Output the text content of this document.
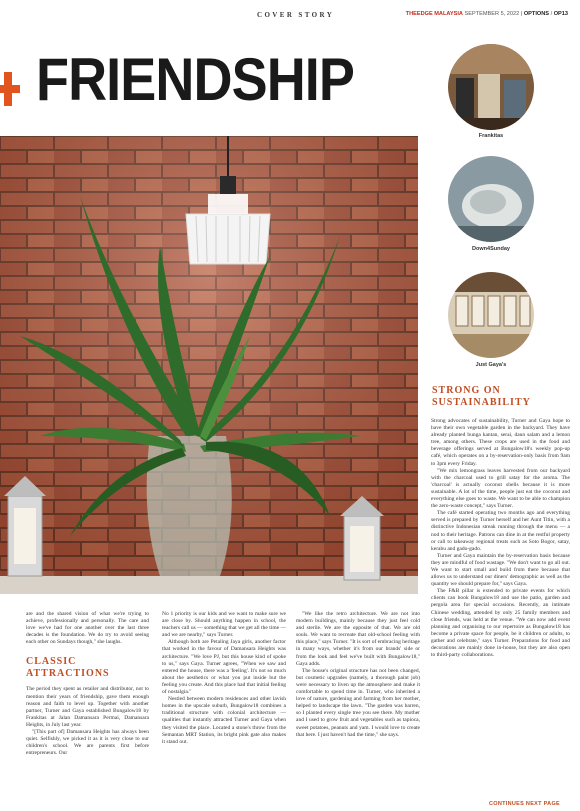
COVER STORY	THEEDGE MALAYSIA SEPTEMBER 5, 2022 | OPTIONS / OP13
FRIENDSHIP
Frankitas
Down4Sunday
Just Gaya's
STRONG ON
SUSTAINABILITY

Strong advocates of sustainability, Turner and Gaya hope to have their own vegetable garden in the backyard. They have already planted bunga kantan, serai, daun salam and a lemon tree, among others. These crops are used in the food and beverage offerings served at Bungalow18's weekly pop-up café, which operates on a by-reservation-only basis from 9am to 3pm every Friday.

"We mix lemongrass leaves harvested from our backyard with the charcoal used to grill satay for the aroma. The 'charcoal' is actually coconut shells because it is more sustainable. A lot of the time, people just eat the coconut and everything else goes to waste. We want to be able to champion the zero-waste concept," says Turner.

The café started operating two months ago and everything served is prepared by Turner herself and her Aunt Titin, with a distinctive Indonesian streak running through the menu — a nod to their heritage. Patrons can dine in at the restful property or call to takeaway regional treats such as Soto Bogor, satay, kerabu and gado-gado.

Turner and Gaya maintain the by-reservation basis because they are mindful of food wastage. "We don't want to go all out. We want to start small and build from there because that allows us to understand our diners' demographic as well as the quantity we should prepare for," says Gaya.

The F&B pillar is extended to private events for which clients can book Bungalow18 and use the patio, garden and pergola area for special occasions. Recently, an intimate Chinese wedding, attended by only 25 family members and close friends, was held at the venue. "We can now add event planning and organising to our repertoire as Bungalow18 has become a private space for people, be it children or adults, to gather and celebrate," says Turner. Preparations for food and decorations are mainly done in-house, but they are also open to third-party collaborations.

are and the shared vision of what we're trying to achieve, professionally and personally. The care and love we've had for one another over the last three decades is the foundation. We do try to avoid seeing each other on Sundays though," she laughs.

CLASSIC ATTRACTIONS

The period they spent as retailer and distributor, not to mention their years of friendship, gave them enough reason and faith to level up. Together with another partner, Turner and Gaya established Bungalow18 by Frankitas at Jalan Damansara Permai, Damansara Heights, in July last year.

"[This part of] Damansara Heights has always been quiet. Selfishly, we picked it as it is very close to our children's school. We are parents first before entrepreneurs. Our

No 1 priority is our kids and we want to make sure we are close by. Should anything happen in school, the teachers call us — something that we get all the time — and we are nearby," says Turner.

Although both are Petaling Jaya girls, another factor that worked in the favour of Damansara Heights was architecture. "We love PJ, but this house kind of spoke to us," says Gaya. Turner agrees, "When we saw and entered the house, there was a 'feeling'. It's not so much about the aesthetics or what you put inside but the feeling you create. And this place had that initial feeling of nostalgia."

Nestled between modern residences and other lavish homes in the upscale suburb, Bungalow18 combines a traditional structure with colonial architecture — qualities that instantly attracted Turner and Gaya when they visited the place. Located a stone's throw from the Semantan MRT Station, its bright pink gate also makes it stand out.

"We like the retro architecture. We are not into modern buildings, mainly because they just feel cold and sterile. We are the opposite of that. We are old souls. We want to recreate that old-school feeling with this place," says Turner. "It is sort of embracing heritage in many ways, whether it's from our brands' side or from the look and feel we've built with Bungalow18," Gaya adds.

The house's original structure has not been changed, but cosmetic upgrades (namely, a thorough paint job) were necessary to liven up the atmosphere and make it comfortable to spend time in. Turner, who inherited a love of nature, gardening and farming from her mother, helped to landscape the lawn. "The garden was barren, so I planted every single tree you see there. My mother and I used to grow fruit and vegetables such as tapioca, sweet potatoes, peanuts and yam. I would love to create that here. I just haven't had the time," she says.

CONTINUES NEXT PAGE
